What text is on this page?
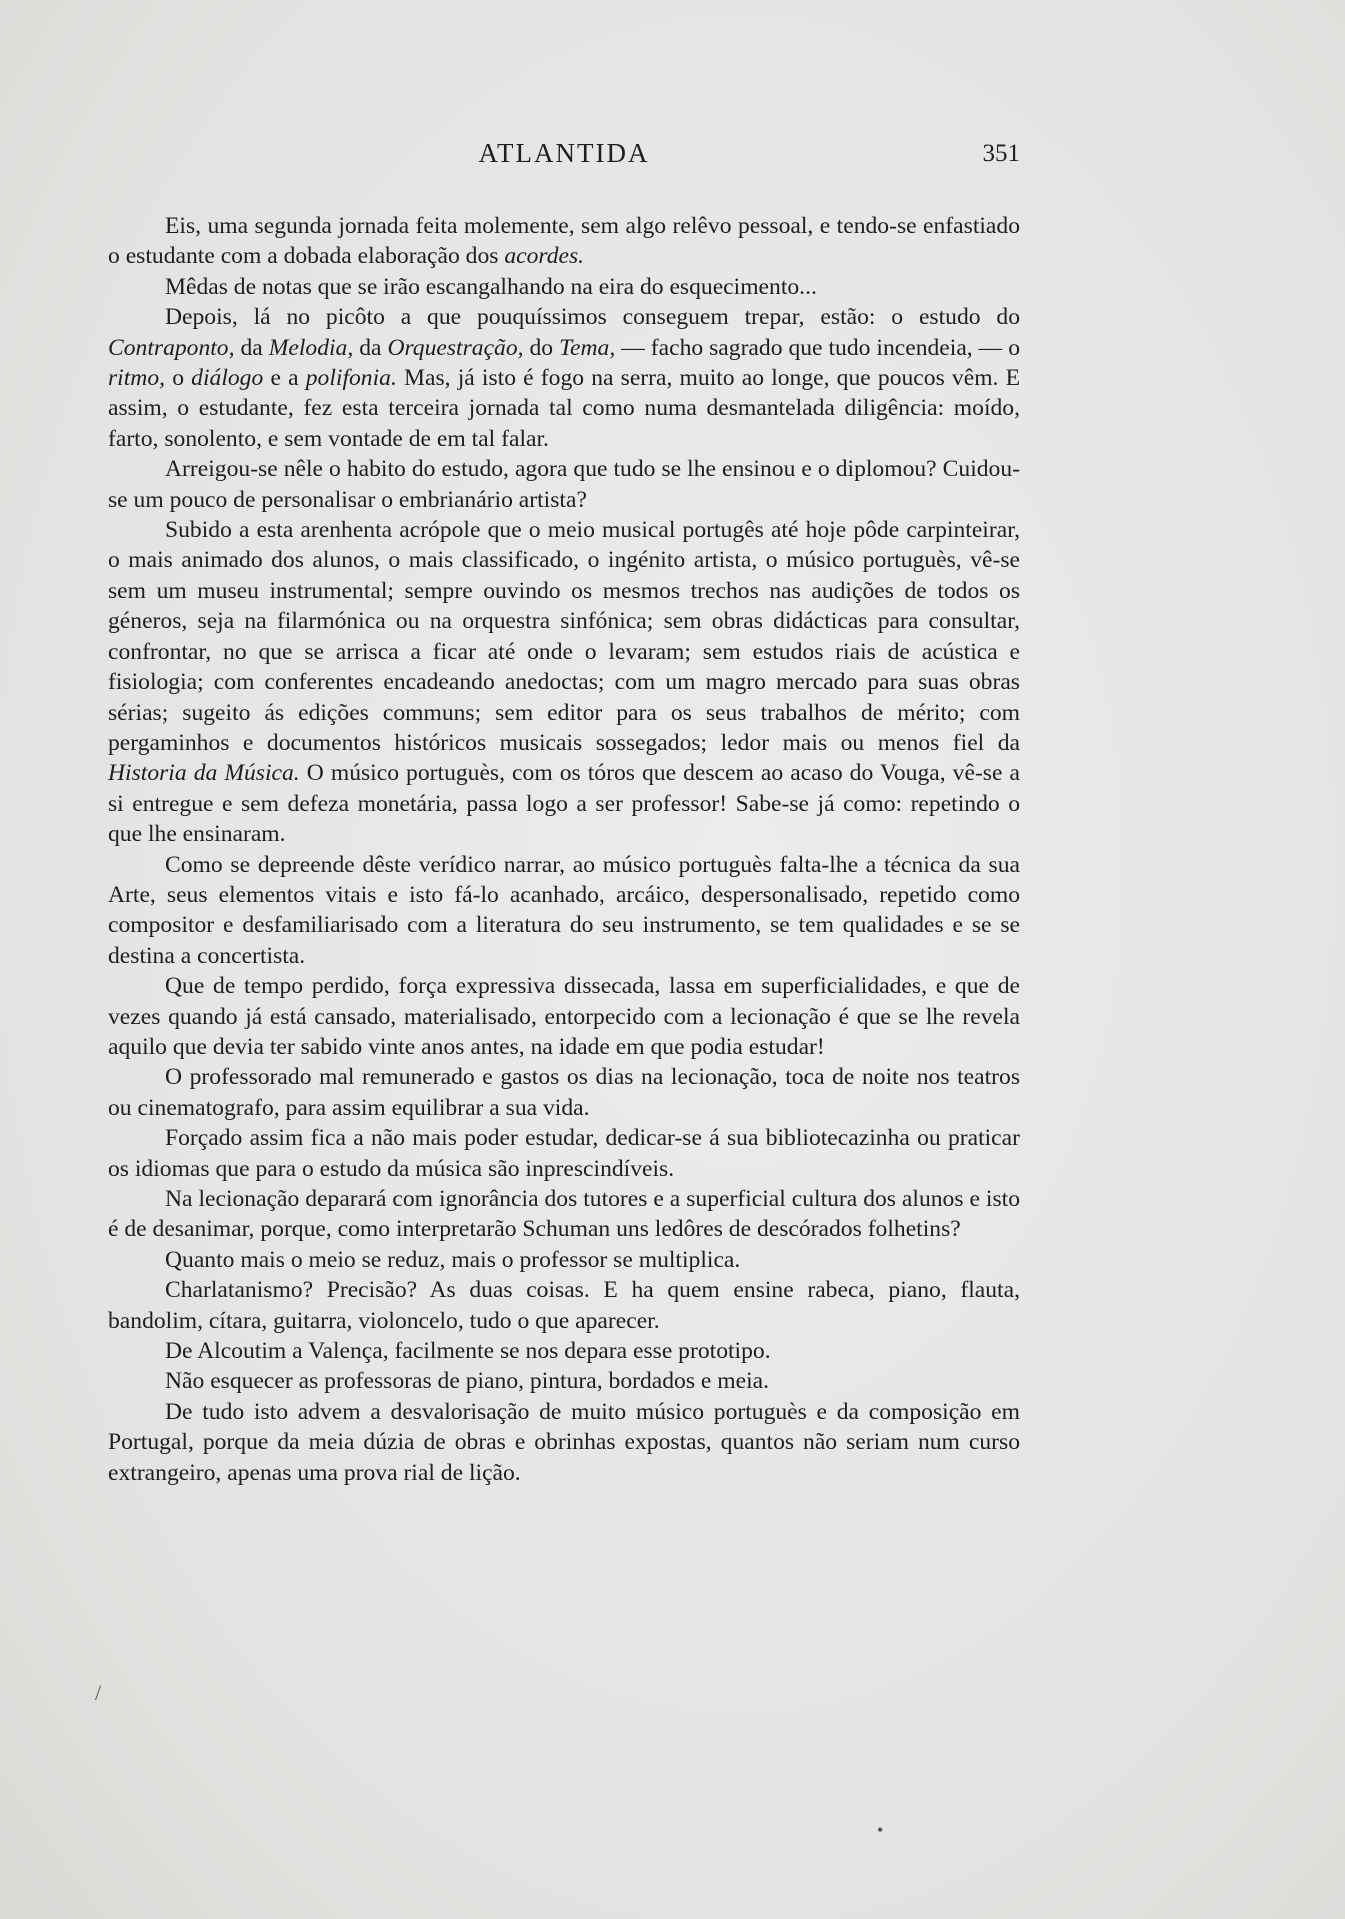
ATLANTIDA	351

Eis, uma segunda jornada feita molemente, sem algo relêvo pessoal, e tendo-se enfastiado o estudante com a dobada elaboração dos acordes.

Mêdas de notas que se irão escangalhando na eira do esquecimento...

Depois, lá no picôto a que pouquíssimos conseguem trepar, estão: o estudo do Contraponto, da Melodia, da Orquestração, do Tema, — facho sagrado que tudo incendeia, — o ritmo, o diálogo e a polifonia. Mas, já isto é fogo na serra, muito ao longe, que poucos vêm. E assim, o estudante, fez esta terceira jornada tal como numa desmantelada diligência: moído, farto, sonolento, e sem vontade de em tal falar.

Arreigou-se nêle o habito do estudo, agora que tudo se lhe ensinou e o diplomou? Cuidou-se um pouco de personalisar o embrianário artista?

Subido a esta arenhenta acrópole que o meio musical portugês até hoje pôde carpinteirar, o mais animado dos alunos, o mais classificado, o ingénito artista, o músico portuguès, vê-se sem um museu instrumental; sempre ouvindo os mesmos trechos nas audições de todos os géneros, seja na filarmónica ou na orquestra sinfónica; sem obras didácticas para consultar, confrontar, no que se arrisca a ficar até onde o levaram; sem estudos riais de acústica e fisiologia; com conferentes encadeando anedoctas; com um magro mercado para suas obras sérias; sugeito ás edições communs; sem editor para os seus trabalhos de mérito; com pergaminhos e documentos históricos musicais sossegados; ledor mais ou menos fiel da Historia da Música. O músico portuguès, com os tóros que descem ao acaso do Vouga, vê-se a si entregue e sem defeza monetária, passa logo a ser professor! Sabe-se já como: repetindo o que lhe ensinaram.

Como se depreende dêste verídico narrar, ao músico portuguès falta-lhe a técnica da sua Arte, seus elementos vitais e isto fá-lo acanhado, arcáico, despersonalisado, repetido como compositor e desfamiliarisado com a literatura do seu instrumento, se tem qualidades e se se destina a concertista.

Que de tempo perdido, força expressiva dissecada, lassa em superficialidades, e que de vezes quando já está cansado, materialisado, entorpecido com a lecionação é que se lhe revela aquilo que devia ter sabido vinte anos antes, na idade em que podia estudar!

O professorado mal remunerado e gastos os dias na lecionação, toca de noite nos teatros ou cinematografo, para assim equilibrar a sua vida.

Forçado assim fica a não mais poder estudar, dedicar-se á sua bibliotecazinha ou praticar os idiomas que para o estudo da música são inprescindíveis.

Na lecionação deparará com ignorância dos tutores e a superficial cultura dos alunos e isto é de desanimar, porque, como interpretarão Schuman uns ledôres de descórados folhetins?

Quanto mais o meio se reduz, mais o professor se multiplica.

Charlatanismo? Precisão? As duas coisas. E ha quem ensine rabeca, piano, flauta, bandolim, cítara, guitarra, violoncelo, tudo o que aparecer.

De Alcoutim a Valença, facilmente se nos depara esse prototipo.

Não esquecer as professoras de piano, pintura, bordados e meia.

De tudo isto advem a desvalorisação de muito músico portuguès e da composição em Portugal, porque da meia dúzia de obras e obrinhas expostas, quantos não seriam num curso extrangeiro, apenas uma prova rial de lição.

/
•
